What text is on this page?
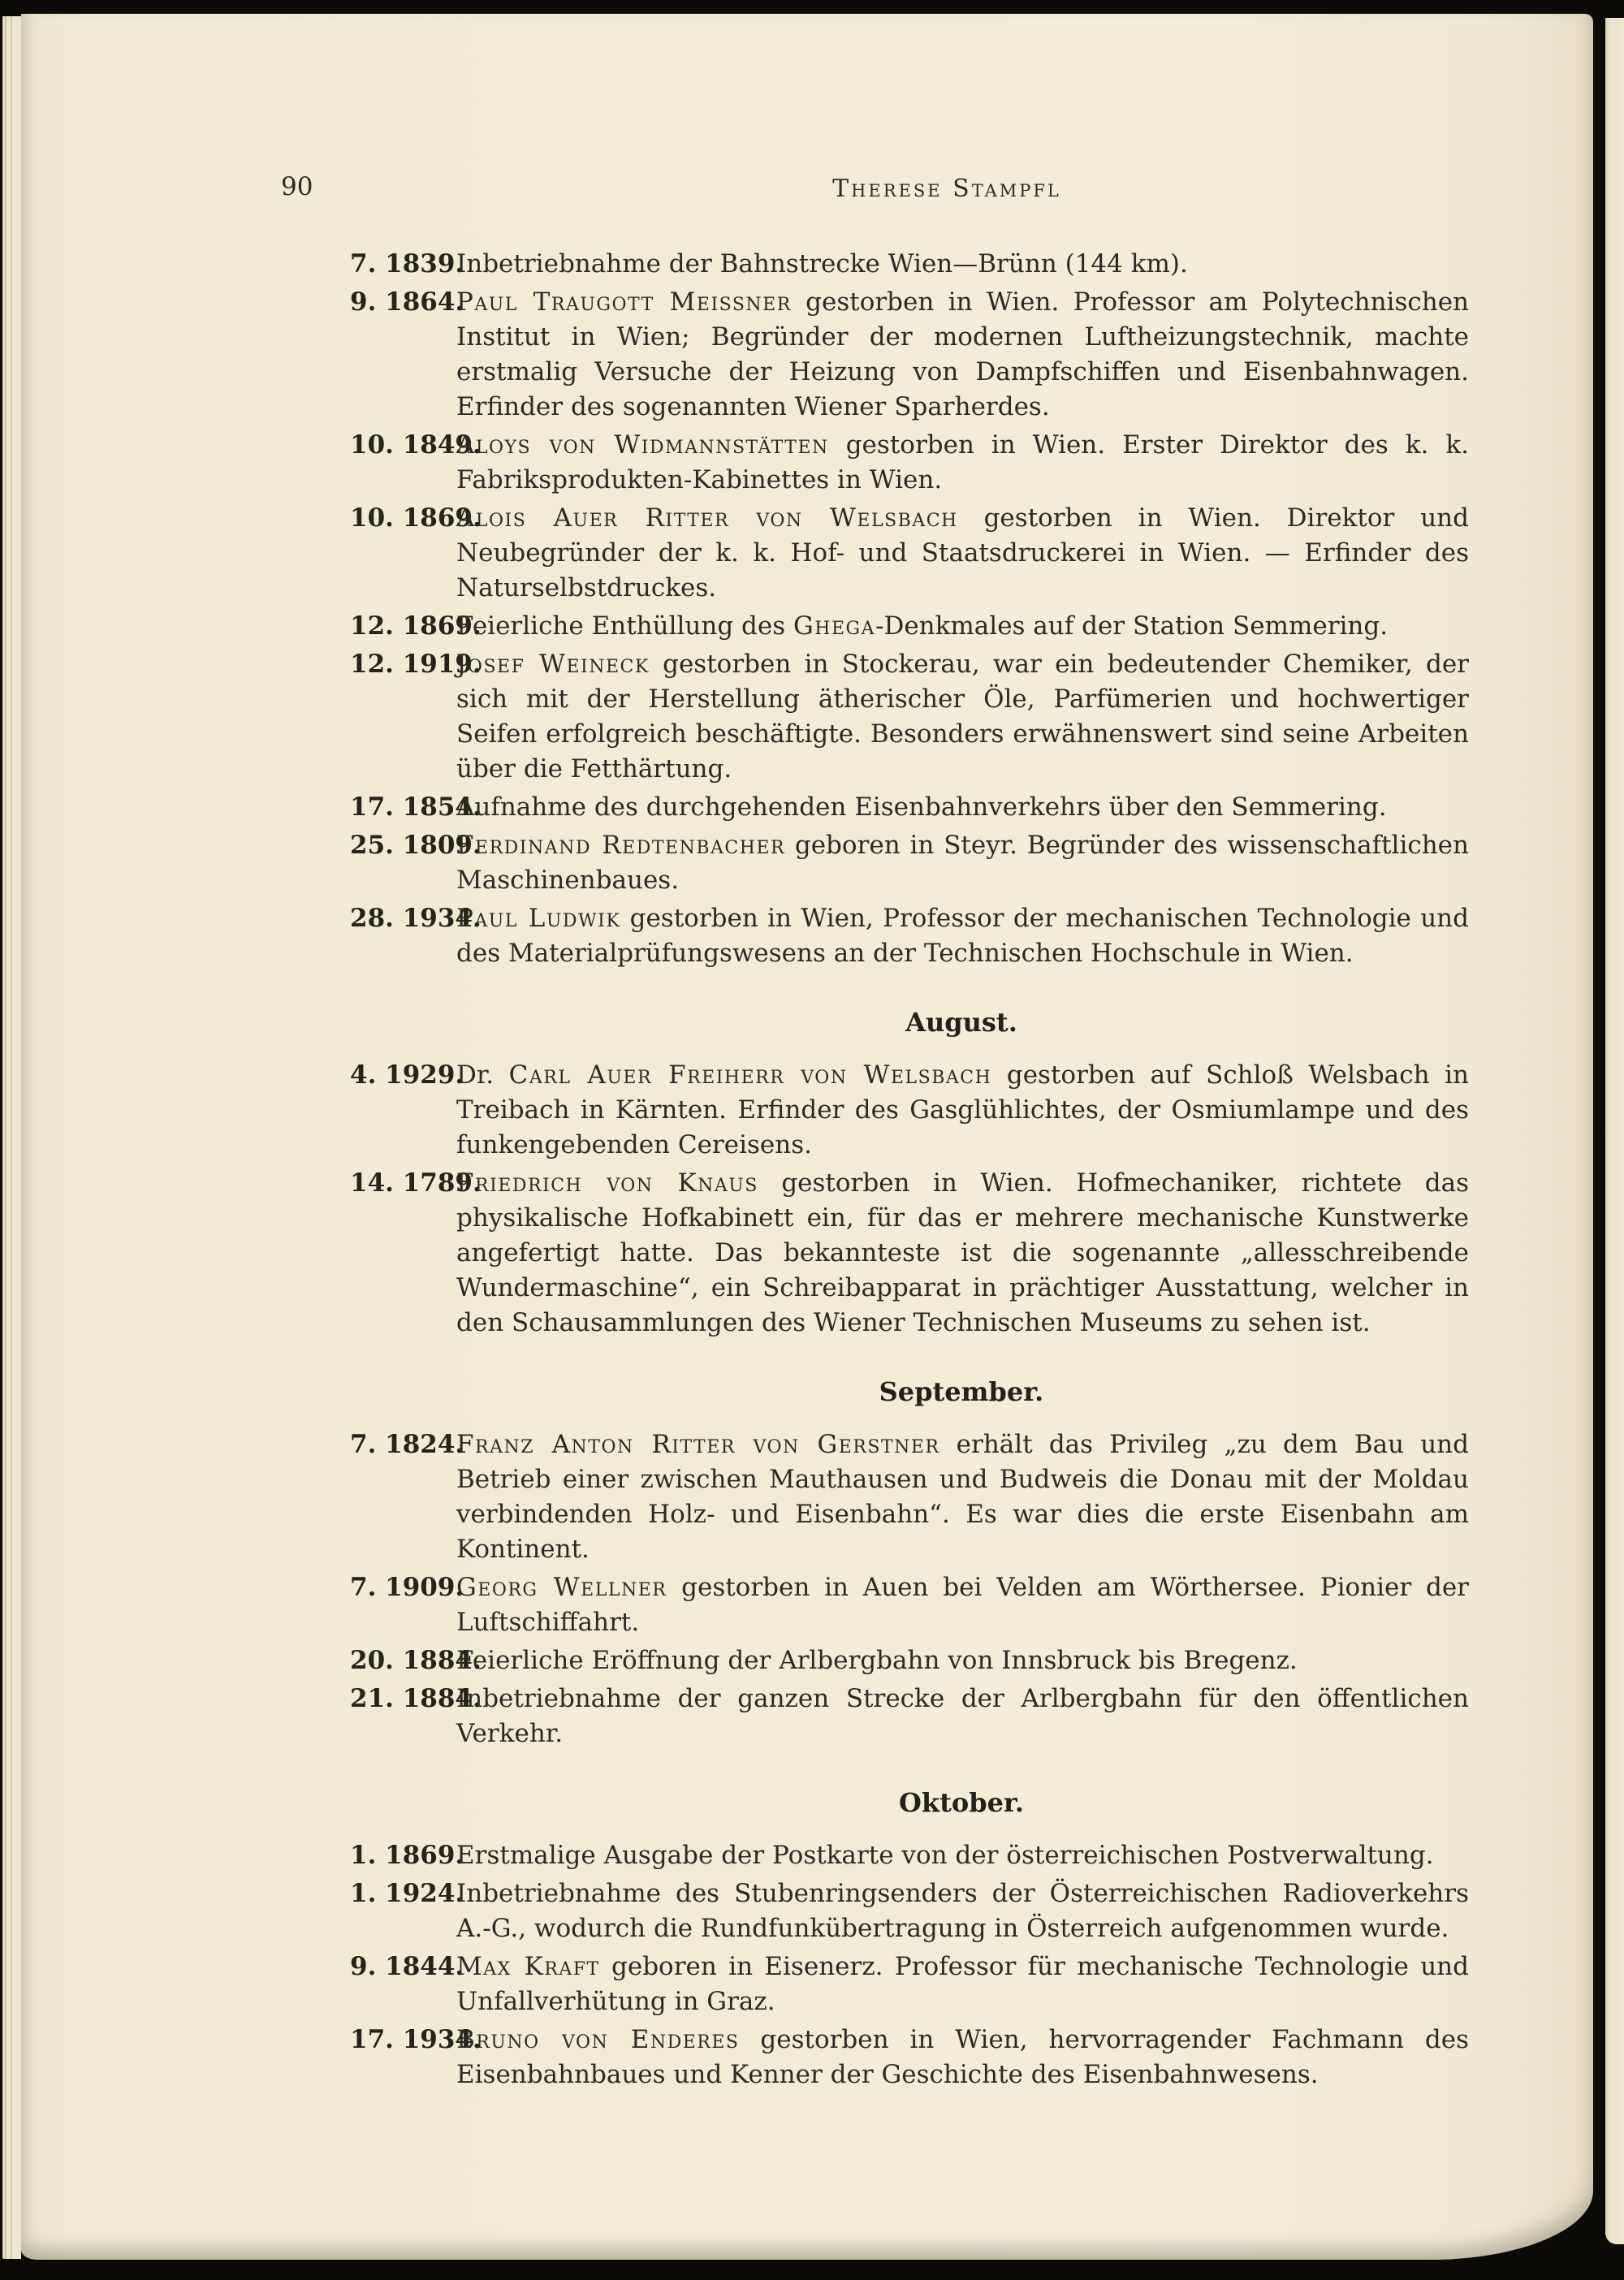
90	Therese Stampfl
7. 1839.
Inbetriebnahme der Bahnstrecke Wien—Brünn (144 km).
9. 1864.
Paul Traugott Meissner gestorben in Wien. Professor am Polytechnischen Institut in Wien; Begründer der modernen Luftheizungstechnik, machte erstmalig Versuche der Heizung von Dampfschiffen und Eisenbahnwagen. Erfinder des sogenannten Wiener Sparherdes.
10. 1849.
Aloys von Widmannstätten gestorben in Wien. Erster Direktor des k. k. Fabriksprodukten-Kabinettes in Wien.
10. 1869.
Alois Auer Ritter von Welsbach gestorben in Wien. Direktor und Neubegründer der k. k. Hof- und Staatsdruckerei in Wien. — Erfinder des Naturselbstdruckes.
12. 1869.
Feierliche Enthüllung des Ghega-Denkmales auf der Station Semmering.
12. 1919.
Josef Weineck gestorben in Stockerau, war ein bedeutender Chemiker, der sich mit der Herstellung ätherischer Öle, Parfümerien und hochwertiger Seifen erfolgreich beschäftigte. Besonders erwähnenswert sind seine Arbeiten über die Fetthärtung.
17. 1854.
Aufnahme des durchgehenden Eisenbahnverkehrs über den Semmering.
25. 1809.
Ferdinand Redtenbacher geboren in Steyr. Begründer des wissenschaftlichen Maschinenbaues.
28. 1934.
Paul Ludwik gestorben in Wien, Professor der mechanischen Technologie und des Materialprüfungswesens an der Technischen Hochschule in Wien.
August.
4. 1929.
Dr. Carl Auer Freiherr von Welsbach gestorben auf Schloß Welsbach in Treibach in Kärnten. Erfinder des Gasglühlichtes, der Osmiumlampe und des funkengebenden Cereisens.
14. 1789.
Friedrich von Knaus gestorben in Wien. Hofmechaniker, richtete das physikalische Hofkabinett ein, für das er mehrere mechanische Kunstwerke angefertigt hatte. Das bekannteste ist die sogenannte „allesschreibende Wundermaschine“, ein Schreibapparat in prächtiger Ausstattung, welcher in den Schausammlungen des Wiener Technischen Museums zu sehen ist.
September.
7. 1824.
Franz Anton Ritter von Gerstner erhält das Privileg „zu dem Bau und Betrieb einer zwischen Mauthausen und Budweis die Donau mit der Moldau verbindenden Holz- und Eisenbahn“. Es war dies die erste Eisenbahn am Kontinent.
7. 1909.
Georg Wellner gestorben in Auen bei Velden am Wörthersee. Pionier der Luftschiffahrt.
20. 1884.
Feierliche Eröffnung der Arlbergbahn von Innsbruck bis Bregenz.
21. 1884.
Inbetriebnahme der ganzen Strecke der Arlbergbahn für den öffentlichen Verkehr.
Oktober.
1. 1869.
Erstmalige Ausgabe der Postkarte von der österreichischen Postverwaltung.
1. 1924.
Inbetriebnahme des Stubenringsenders der Österreichischen Radioverkehrs A.-G., wodurch die Rundfunkübertragung in Österreich aufgenommen wurde.
9. 1844.
Max Kraft geboren in Eisenerz. Professor für mechanische Technologie und Unfallverhütung in Graz.
17. 1934.
Bruno von Enderes gestorben in Wien, hervorragender Fachmann des Eisenbahnbaues und Kenner der Geschichte des Eisenbahnwesens.
